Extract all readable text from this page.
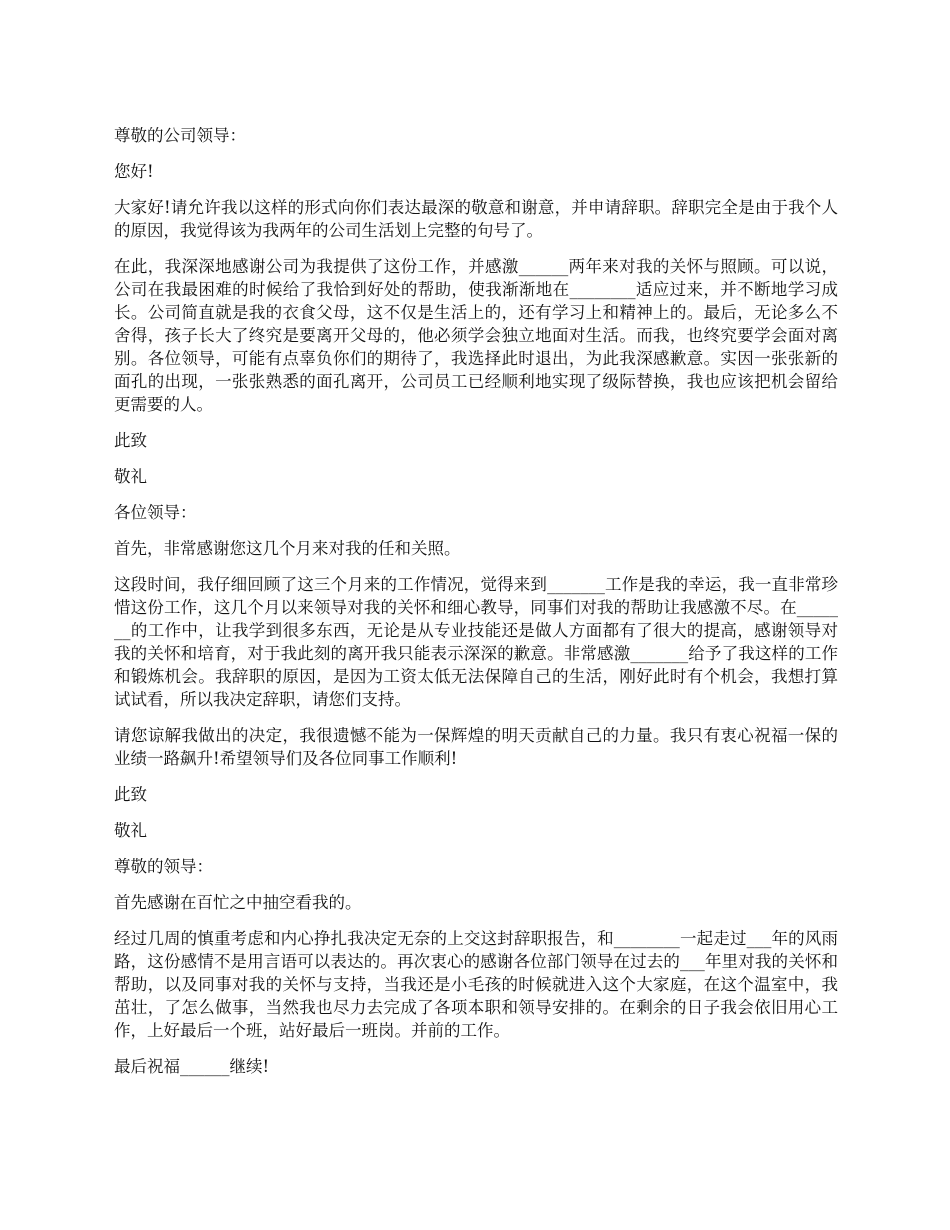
尊敬的公司领导：

您好!

大家好!请允许我以这样的形式向你们表达最深的敬意和谢意，并申请辞职。辞职完全是由于我个人的原因，我觉得该为我两年的公司生活划上完整的句号了。

在此，我深深地感谢公司为我提供了这份工作，并感激______两年来对我的关怀与照顾。可以说，公司在我最困难的时候给了我恰到好处的帮助，使我渐渐地在________适应过来，并不断地学习成长。公司简直就是我的衣食父母，这不仅是生活上的，还有学习上和精神上的。最后，无论多么不舍得，孩子长大了终究是要离开父母的，他必须学会独立地面对生活。而我，也终究要学会面对离别。各位领导，可能有点辜负你们的期待了，我选择此时退出，为此我深感歉意。实因一张张新的面孔的出现，一张张熟悉的面孔离开，公司员工已经顺利地实现了级际替换，我也应该把机会留给更需要的人。

此致

敬礼

各位领导：

首先，非常感谢您这几个月来对我的任和关照。

这段时间，我仔细回顾了这三个月来的工作情况，觉得来到_______工作是我的幸运，我一直非常珍惜这份工作，这几个月以来领导对我的关怀和细心教导，同事们对我的帮助让我感激不尽。在_______的工作中，让我学到很多东西，无论是从专业技能还是做人方面都有了很大的提高，感谢领导对我的关怀和培育，对于我此刻的离开我只能表示深深的歉意。非常感激_______给予了我这样的工作和锻炼机会。我辞职的原因，是因为工资太低无法保障自己的生活，刚好此时有个机会，我想打算试试看，所以我决定辞职，请您们支持。

请您谅解我做出的决定，我很遗憾不能为一保辉煌的明天贡献自己的力量。我只有衷心祝福一保的业绩一路飙升!希望领导们及各位同事工作顺利!

此致

敬礼

尊敬的领导：

首先感谢在百忙之中抽空看我的。

经过几周的慎重考虑和内心挣扎我决定无奈的上交这封辞职报告，和________一起走过___年的风雨路，这份感情不是用言语可以表达的。再次衷心的感谢各位部门领导在过去的___年里对我的关怀和帮助，以及同事对我的关怀与支持，当我还是小毛孩的时候就进入这个大家庭，在这个温室中，我茁壮，了怎么做事，当然我也尽力去完成了各项本职和领导安排的。在剩余的日子我会依旧用心工作，上好最后一个班，站好最后一班岗。并前的工作。

最后祝福______继续!
